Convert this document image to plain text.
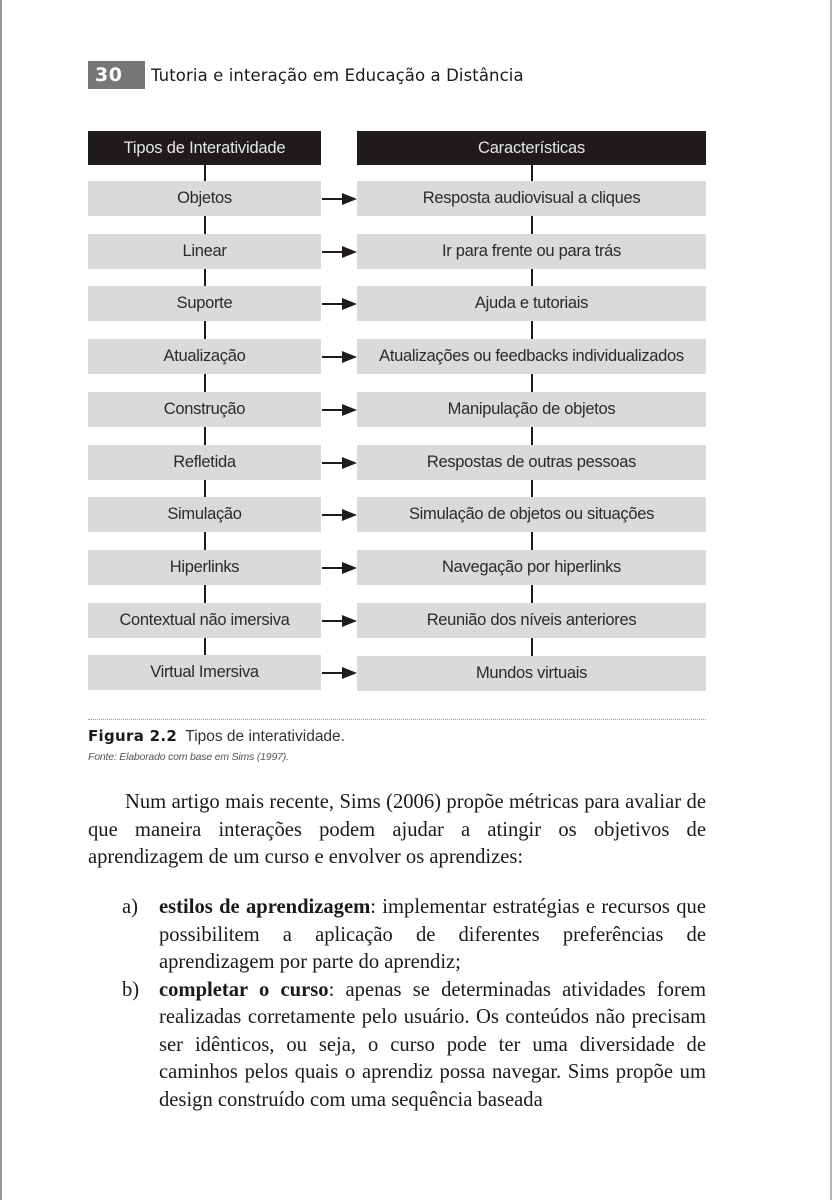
30	Tutoria e interação em Educação a Distância
Tipos de Interatividade	Características
Objetos	Resposta audiovisual a cliques
Linear	Ir para frente ou para trás
Suporte	Ajuda e tutoriais
Atualização	Atualizações ou feedbacks individualizados
Construção	Manipulação de objetos
Refletida	Respostas de outras pessoas
Simulação	Simulação de objetos ou situações
Hiperlinks	Navegação por hiperlinks
Contextual não imersiva	Reunião dos níveis anteriores
Virtual Imersiva	Mundos virtuais
Figura 2.2 Tipos de interatividade.
Fonte: Elaborado com base em Sims (1997).
Num artigo mais recente, Sims (2006) propõe métricas para avaliar de que maneira interações podem ajudar a atingir os objetivos de aprendizagem de um curso e envolver os aprendizes:
a) estilos de aprendizagem: implementar estratégias e recursos que possibilitem a aplicação de diferentes preferências de aprendizagem por parte do aprendiz;
b) completar o curso: apenas se determinadas atividades forem realizadas corretamente pelo usuário. Os conteúdos não precisam ser idênticos, ou seja, o curso pode ter uma diversidade de caminhos pelos quais o aprendiz possa navegar. Sims propõe um design construído com uma sequência baseada
